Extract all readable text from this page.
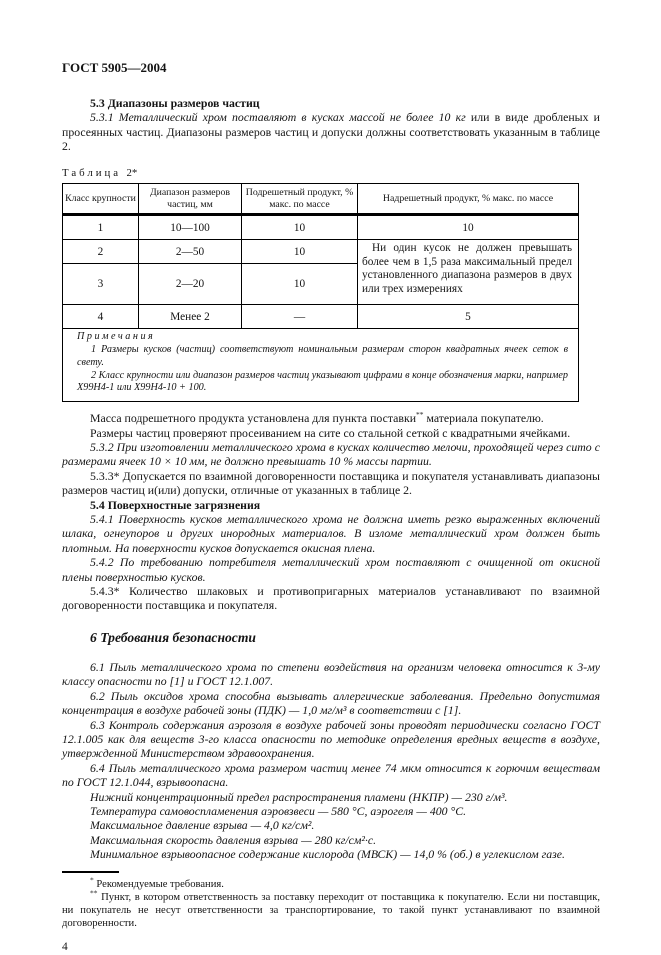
ГОСТ 5905—2004

5.3 Диапазоны размеров частиц

5.3.1 Металлический хром поставляют в кусках массой не более 10 кг или в виде дробленых и просеянных частиц. Диапазоны размеров частиц и допуски должны соответствовать указанным в таблице 2.

Таблица 2*

Класс крупности	Диапазон размеров частиц, мм	Подрешетный продукт, % макс. по массе	Надрешетный продукт, % макс. по массе
1	10—100	10	10
2	2—50	10	Ни один кусок не должен превышать более чем в 1,5 раза максимальный предел установленного диапазона размеров в двух или трех измерениях

3	2—20	10	
4	Менее 2	—	5

Примечания

1 Размеры кусков (частиц) соответствуют номинальным размерам сторон квадратных ячеек сеток в свету.

2 Класс крупности или диапазон размеров частиц указывают цифрами в конце обозначения марки, например Х99Н4-1 или Х99Н4-10 + 100.			

Масса подрешетного продукта установлена для пункта поставки** материала покупателю.

Размеры частиц проверяют просеиванием на сите со стальной сеткой с квадратными ячейками.

5.3.2 При изготовлении металлического хрома в кусках количество мелочи, проходящей через сито с размерами ячеек 10 × 10 мм, не должно превышать 10 % массы партии.

5.3.3* Допускается по взаимной договоренности поставщика и покупателя устанавливать диапазоны размеров частиц и(или) допуски, отличные от указанных в таблице 2.

5.4 Поверхностные загрязнения

5.4.1 Поверхность кусков металлического хрома не должна иметь резко выраженных включений шлака, огнеупоров и других инородных материалов. В изломе металлический хром должен быть плотным. На поверхности кусков допускается окисная плена.

5.4.2 По требованию потребителя металлический хром поставляют с очищенной от окисной плены поверхностью кусков.

5.4.3* Количество шлаковых и противопригарных материалов устанавливают по взаимной договоренности поставщика и покупателя.

6 Требования безопасности

6.1 Пыль металлического хрома по степени воздействия на организм человека относится к 3-му классу опасности по [1] и ГОСТ 12.1.007.

6.2 Пыль оксидов хрома способна вызывать аллергические заболевания. Предельно допустимая концентрация в воздухе рабочей зоны (ПДК) — 1,0 мг/м³ в соответствии с [1].

6.3 Контроль содержания аэрозоля в воздухе рабочей зоны проводят периодически согласно ГОСТ 12.1.005 как для веществ 3-го класса опасности по методике определения вредных веществ в воздухе, утвержденной Министерством здравоохранения.

6.4 Пыль металлического хрома размером частиц менее 74 мкм относится к горючим веществам по ГОСТ 12.1.044, взрывоопасна.

Нижний концентрационный предел распространения пламени (НКПР) — 230 г/м³.

Температура самовоспламенения аэровзвеси — 580 °С, аэрогеля — 400 °С.

Максимальное давление взрыва — 4,0 кг/см².

Максимальная скорость давления взрыва — 280 кг/см²·с.

Минимальное взрывоопасное содержание кислорода (МВСК) — 14,0 % (об.) в углекислом газе.

* Рекомендуемые требования.

** Пункт, в котором ответственность за поставку переходит от поставщика к покупателю. Если ни поставщик, ни покупатель не несут ответственности за транспортирование, то такой пункт устанавливают по взаимной договоренности.

4
